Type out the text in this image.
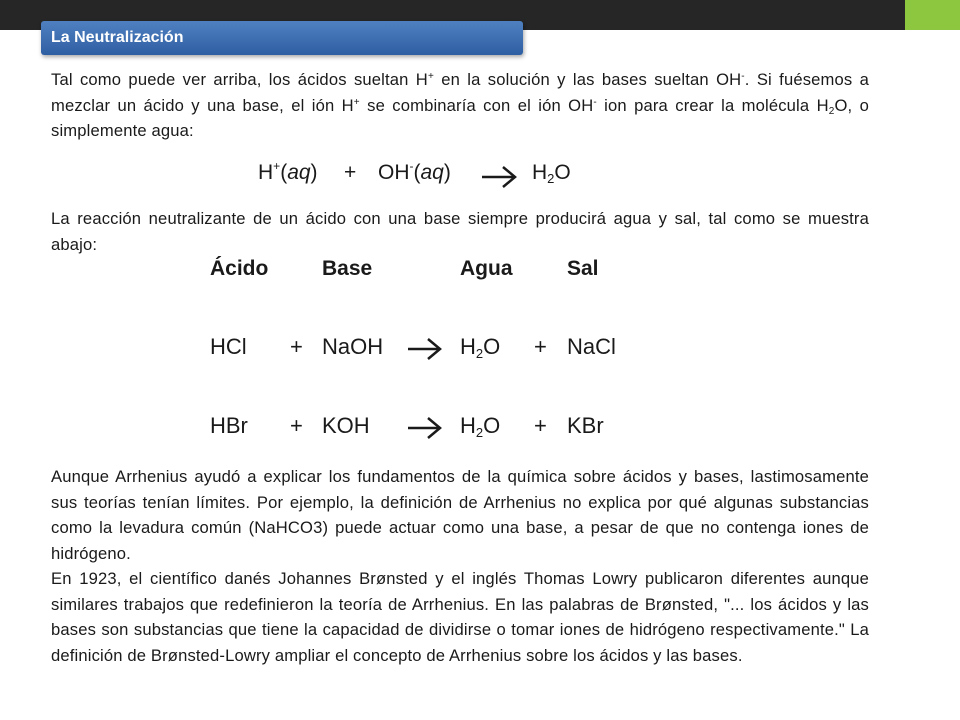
La Neutralización

Tal como puede ver arriba, los ácidos sueltan H+ en la solución y las bases sueltan OH-. Si fuésemos a mezclar un ácido y una base, el ión H+ se combinaría con el ión OH- ion para crear la molécula $H_2O$, o simplemente agua:

H+(aq) + OH-(aq)	$H_2O$

La reacción neutralizante de un ácido con una base siempre producirá agua y sal, tal como se muestra abajo:

Ácido	Base	Agua	Sal
HCl + NaOH	$H_2O$ + NaCl
HBr + KOH	$H_2O$ + KBr

Aunque Arrhenius ayudó a explicar los fundamentos de la química sobre ácidos y bases, lastimosamente sus teorías tenían límites. Por ejemplo, la definición de Arrhenius no explica por qué algunas substancias como la levadura común (NaHCO3) puede actuar como una base, a pesar de que no contenga iones de hidrógeno.

En 1923, el científico danés Johannes Brønsted y el inglés Thomas Lowry publicaron diferentes aunque similares trabajos que redefinieron la teoría de Arrhenius. En las palabras de Brønsted, "... los ácidos y las bases son substancias que tiene la capacidad de dividirse o tomar iones de hidrógeno respectivamente." La definición de Brønsted-Lowry ampliar el concepto de Arrhenius sobre los ácidos y las bases.
